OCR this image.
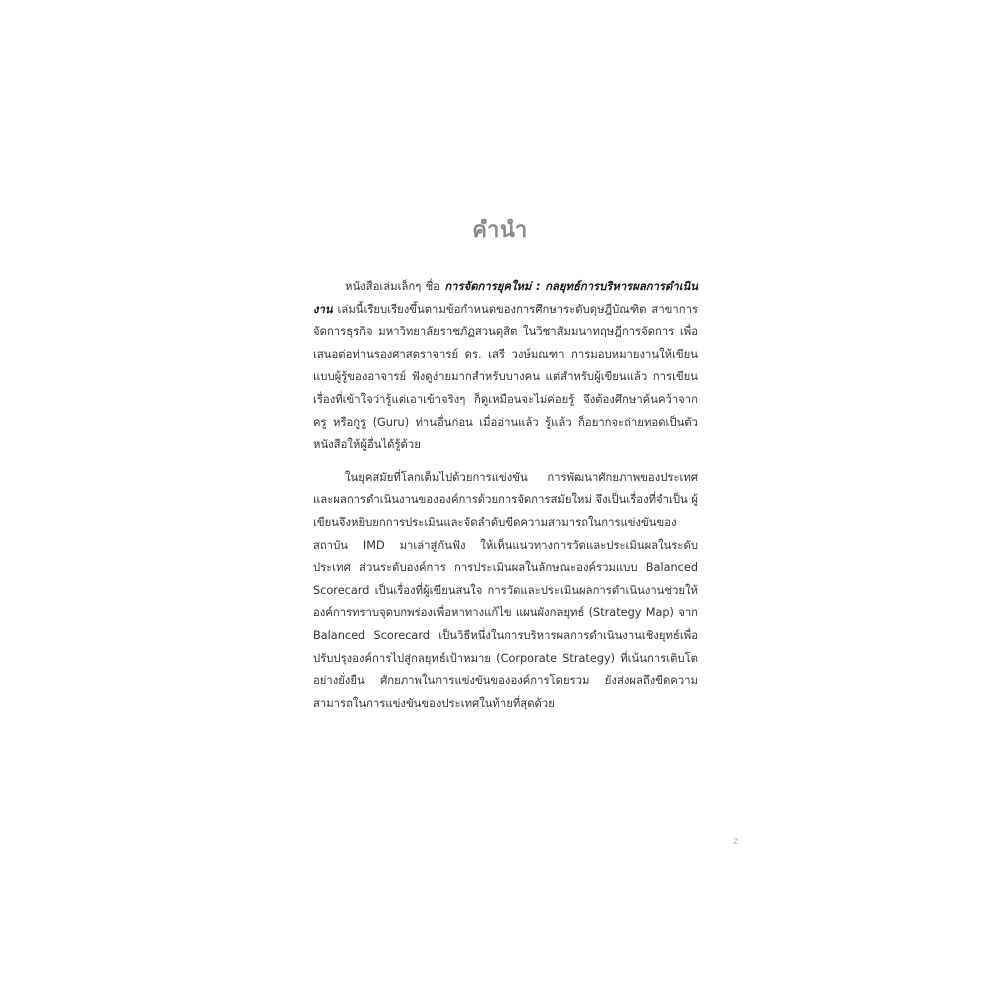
คำนำ

หนังสือเล่มเล็กๆ ชื่อ การจัดการยุคใหม่ : กลยุทธ์การบริหารผลการดำเนินงาน เล่มนี้เรียบเรียงขึ้นตามข้อกำหนดของการศึกษาระดับดุษฎีบัณฑิต สาขาการจัดการธุรกิจ มหาวิทยาลัยราชภัฏสวนดุสิต ในวิชาสัมมนาทฤษฎีการจัดการ เพื่อเสนอต่อท่านรองศาสตราจารย์ ดร. เสรี วงษ์มณฑา การมอบหมายงานให้เขียนแบบผู้รู้ของอาจารย์ ฟังดูง่ายมากสำหรับบางคน แต่สำหรับผู้เขียนแล้ว การเขียนเรื่องที่เข้าใจว่ารู้แต่เอาเข้าจริงๆ ก็ดูเหมือนจะไม่ค่อยรู้ จึงต้องศึกษาค้นคว้าจากครู หรือกูรู (Guru) ท่านอื่นก่อน เมื่ออ่านแล้ว รู้แล้ว ก็อยากจะถ่ายทอดเป็นตัวหนังสือให้ผู้อื่นได้รู้ด้วย

ในยุคสมัยที่โลกเต็มไปด้วยการแข่งขัน การพัฒนาศักยภาพของประเทศและผลการดำเนินงานขององค์การด้วยการจัดการสมัยใหม่ จึงเป็นเรื่องที่จำเป็น ผู้เขียนจึงหยิบยกการประเมินและจัดลำดับขีดความสามารถในการแข่งขันของสถาบัน IMD มาเล่าสู่กันฟัง ให้เห็นแนวทางการวัดและประเมินผลในระดับประเทศ ส่วนระดับองค์การ การประเมินผลในลักษณะองค์รวมแบบ Balanced Scorecard เป็นเรื่องที่ผู้เขียนสนใจ การวัดและประเมินผลการดำเนินงานช่วยให้องค์การทราบจุดบกพร่องเพื่อหาทางแก้ไข แผนผังกลยุทธ์ (Strategy Map) จาก Balanced Scorecard เป็นวิธีหนึ่งในการบริหารผลการดำเนินงานเชิงยุทธ์เพื่อปรับปรุงองค์การไปสู่กลยุทธ์เป้าหมาย (Corporate Strategy) ที่เน้นการเติบโตอย่างยั่งยืน ศักยภาพในการแข่งขันขององค์การโดยรวม ยังส่งผลถึงขีดความสามารถในการแข่งขันของประเทศในท้ายที่สุดด้วย

z
